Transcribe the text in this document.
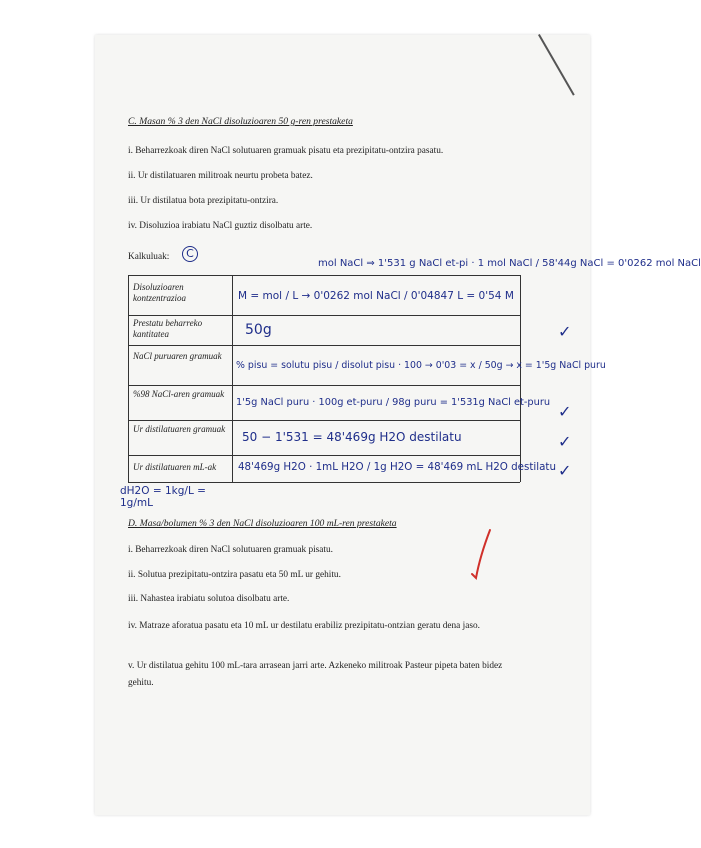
C. Masan % 3 den NaCl disoluzioaren 50 g-ren prestaketa
i. Beharrezkoak diren NaCl solutuaren gramuak pisatu eta prezipitatu-ontzira pasatu.
ii. Ur distilatuaren militroak neurtu probeta batez.
iii. Ur distilatua bota prezipitatu-ontzira.
iv. Disoluzioa irabiatu NaCl guztiz disolbatu arte.
Kalkuluak:	C
mol NaCl ⇒ 1'531 g NaCl et-pi · 1 mol NaCl / 58'44g NaCl = 0'0262 mol NaCl
Disoluzioaren kontzentrazioa
Prestatu beharreko kantitatea
NaCl puruaren gramuak
%98 NaCl-aren gramuak
Ur distilatuaren gramuak
Ur distilatuaren mL-ak
M = mol / L → 0'0262 mol NaCl / 0'04847 L = 0'54 M
50g
% pisu = solutu pisu / disolut pisu · 100 → 0'03 = x / 50g → x = 1'5g NaCl puru
1'5g NaCl puru · 100g et-puru / 98g puru = 1'531g NaCl et-puru
50 − 1'531 = 48'469g H2O destilatu
48'469g H2O · 1mL H2O / 1g H2O = 48'469 mL H2O destilatu
✓
✓
✓
✓
dH2O = 1kg/L = 1g/mL
D. Masa/bolumen % 3 den NaCl disoluzioaren 100 mL-ren prestaketa
i. Beharrezkoak diren NaCl solutuaren gramuak pisatu.
ii. Solutua prezipitatu-ontzira pasatu eta 50 mL ur gehitu.
iii. Nahastea irabiatu solutoa disolbatu arte.
iv. Matraze aforatua pasatu eta 10 mL ur destilatu erabiliz prezipitatu-ontzian geratu dena jaso.
v. Ur distilatua gehitu 100 mL-tara arrasean jarri arte. Azkeneko militroak Pasteur pipeta baten bidez gehitu.
